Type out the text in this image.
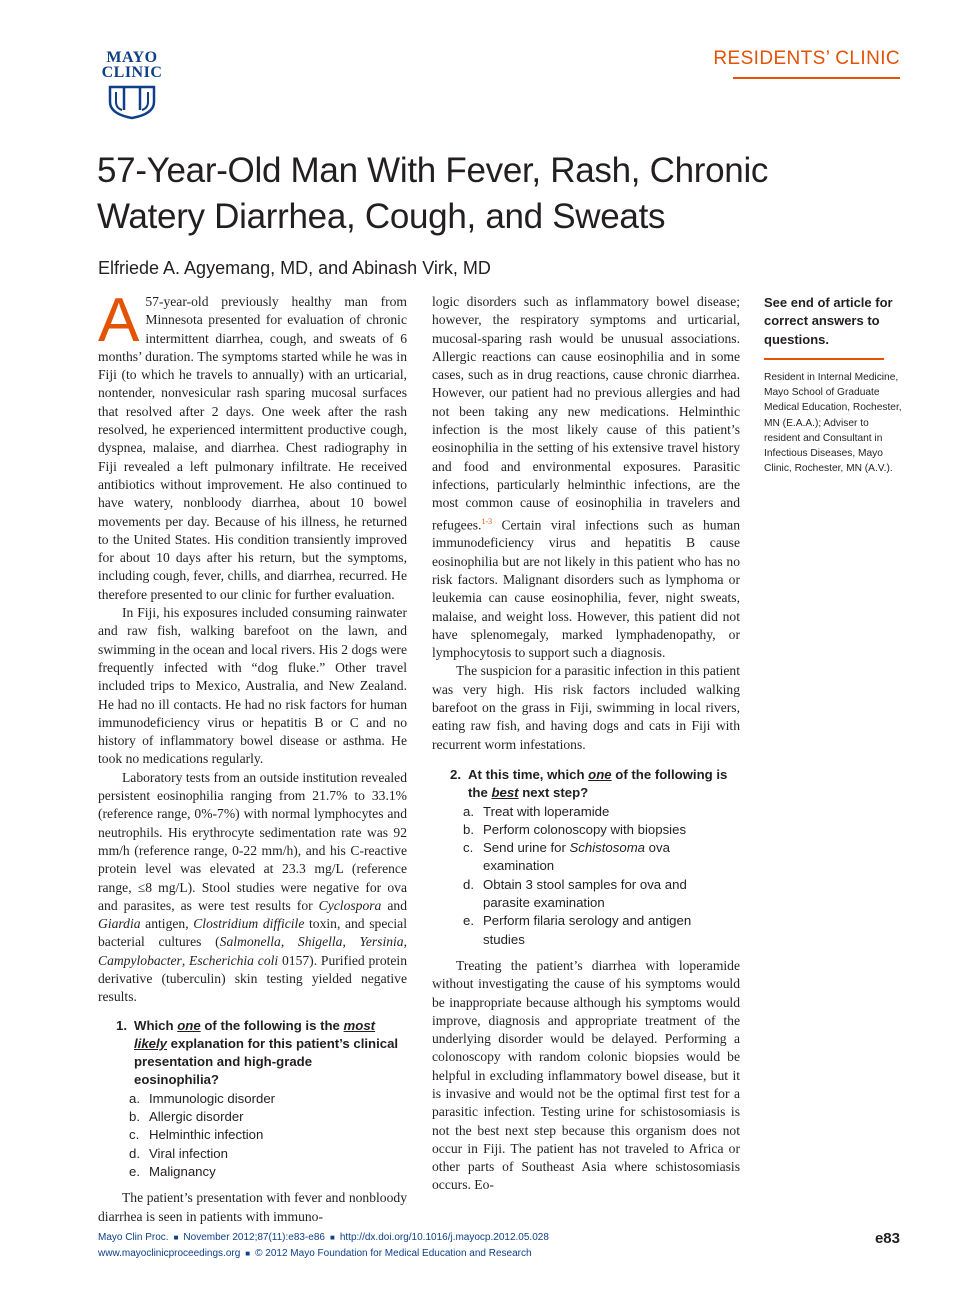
MAYO
CLINIC
RESIDENTS’ CLINIC
57-Year-Old Man With Fever, Rash, Chronic Watery Diarrhea, Cough, and Sweats
Elfriede A. Agyemang, MD, and Abinash Virk, MD

A 57-year-old previously healthy man from Minnesota presented for evaluation of chronic intermittent diarrhea, cough, and sweats of 6 months’ duration. The symptoms started while he was in Fiji (to which he travels to annually) with an urticarial, nontender, nonvesicular rash sparing mucosal surfaces that resolved after 2 days. One week after the rash resolved, he experienced intermittent productive cough, dyspnea, malaise, and diarrhea. Chest radiography in Fiji revealed a left pulmonary infiltrate. He received antibiotics without improvement. He also continued to have watery, nonbloody diarrhea, about 10 bowel movements per day. Because of his illness, he returned to the United States. His condition transiently improved for about 10 days after his return, but the symptoms, including cough, fever, chills, and diarrhea, recurred. He therefore presented to our clinic for further evaluation.

In Fiji, his exposures included consuming rainwater and raw fish, walking barefoot on the lawn, and swimming in the ocean and local rivers. His 2 dogs were frequently infected with “dog fluke.” Other travel included trips to Mexico, Australia, and New Zealand. He had no ill contacts. He had no risk factors for human immunodeficiency virus or hepatitis B or C and no history of inflammatory bowel disease or asthma. He took no medications regularly.

Laboratory tests from an outside institution revealed persistent eosinophilia ranging from 21.7% to 33.1% (reference range, 0%-7%) with normal lymphocytes and neutrophils. His erythrocyte sedimentation rate was 92 mm/h (reference range, 0-22 mm/h), and his C-reactive protein level was elevated at 23.3 mg/L (reference range, ≤8 mg/L). Stool studies were negative for ova and parasites, as were test results for Cyclospora and Giardia antigen, Clostridium difficile toxin, and special bacterial cultures (Salmonella, Shigella, Yersinia, Campylobacter, Escherichia coli 0157). Purified protein derivative (tuberculin) skin testing yielded negative results.

1. Which one of the following is the most likely explanation for this patient’s clinical presentation and high-grade eosinophilia?
a. Immunologic disorder
b. Allergic disorder
c. Helminthic infection
d. Viral infection
e. Malignancy

The patient’s presentation with fever and nonbloody diarrhea is seen in patients with immuno-

logic disorders such as inflammatory bowel disease; however, the respiratory symptoms and urticarial, mucosal-sparing rash would be unusual associations. Allergic reactions can cause eosinophilia and in some cases, such as in drug reactions, cause chronic diarrhea. However, our patient had no previous allergies and had not been taking any new medications. Helminthic infection is the most likely cause of this patient’s eosinophilia in the setting of his extensive travel history and food and environmental exposures. Parasitic infections, particularly helminthic infections, are the most common cause of eosinophilia in travelers and refugees.$^{1-3}$ Certain viral infections such as human immunodeficiency virus and hepatitis B cause eosinophilia but are not likely in this patient who has no risk factors. Malignant disorders such as lymphoma or leukemia can cause eosinophilia, fever, night sweats, malaise, and weight loss. However, this patient did not have splenomegaly, marked lymphadenopathy, or lymphocytosis to support such a diagnosis.

The suspicion for a parasitic infection in this patient was very high. His risk factors included walking barefoot on the grass in Fiji, swimming in local rivers, eating raw fish, and having dogs and cats in Fiji with recurrent worm infestations.

2. At this time, which one of the following is the best next step?
a. Treat with loperamide
b. Perform colonoscopy with biopsies
c. Send urine for Schistosoma ova examination
d. Obtain 3 stool samples for ova and parasite examination
e. Perform filaria serology and antigen studies

Treating the patient’s diarrhea with loperamide without investigating the cause of his symptoms would be inappropriate because although his symptoms would improve, diagnosis and appropriate treatment of the underlying disorder would be delayed. Performing a colonoscopy with random colonic biopsies would be helpful in excluding inflammatory bowel disease, but it is invasive and would not be the optimal first test for a parasitic infection. Testing urine for schistosomiasis is not the best next step because this organism does not occur in Fiji. The patient has not traveled to Africa or other parts of Southeast Asia where schistosomiasis occurs. Eo-

See end of article for correct answers to questions.
Resident in Internal Medicine, Mayo School of Graduate Medical Education, Rochester, MN (E.A.A.); Adviser to resident and Consultant in Infectious Diseases, Mayo Clinic, Rochester, MN (A.V.).
Mayo Clin Proc. ■ November 2012;87(11):e83-e86 ■ http://dx.doi.org/10.1016/j.mayocp.2012.05.028
www.mayoclinicproceedings.org ■ © 2012 Mayo Foundation for Medical Education and Research
e83
